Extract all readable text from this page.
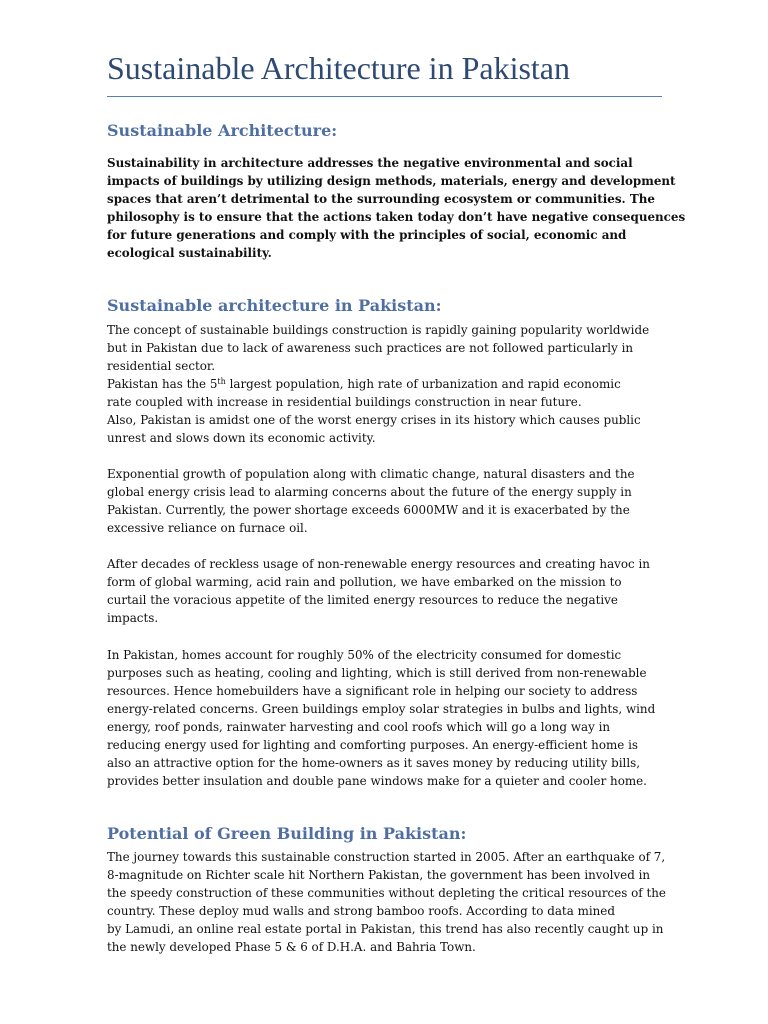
Sustainable Architecture in Pakistan
Sustainable Architecture:
Sustainability in architecture addresses the negative environmental and social
impacts of buildings by utilizing design methods, materials, energy and development
spaces that aren’t detrimental to the surrounding ecosystem or communities. The
philosophy is to ensure that the actions taken today don’t have negative consequences
for future generations and comply with the principles of social, economic and
ecological sustainability.
Sustainable architecture in Pakistan:
The concept of sustainable buildings construction is rapidly gaining popularity worldwide
but in Pakistan due to lack of awareness such practices are not followed particularly in
residential sector.
Pakistan has the 5th largest population, high rate of urbanization and rapid economic
rate coupled with increase in residential buildings construction in near future.
Also, Pakistan is amidst one of the worst energy crises in its history which causes public
unrest and slows down its economic activity.
Exponential growth of population along with climatic change, natural disasters and the
global energy crisis lead to alarming concerns about the future of the energy supply in
Pakistan. Currently, the power shortage exceeds 6000MW and it is exacerbated by the
excessive reliance on furnace oil.
After decades of reckless usage of non-renewable energy resources and creating havoc in
form of global warming, acid rain and pollution, we have embarked on the mission to
curtail the voracious appetite of the limited energy resources to reduce the negative
impacts.
In Pakistan, homes account for roughly 50% of the electricity consumed for domestic
purposes such as heating, cooling and lighting, which is still derived from non-renewable
resources. Hence homebuilders have a significant role in helping our society to address
energy-related concerns. Green buildings employ solar strategies in bulbs and lights, wind
energy, roof ponds, rainwater harvesting and cool roofs which will go a long way in
reducing energy used for lighting and comforting purposes. An energy-efficient home is
also an attractive option for the home-owners as it saves money by reducing utility bills,
provides better insulation and double pane windows make for a quieter and cooler home.
Potential of Green Building in Pakistan:
The journey towards this sustainable construction started in 2005. After an earthquake of 7,
8-magnitude on Richter scale hit Northern Pakistan, the government has been involved in
the speedy construction of these communities without depleting the critical resources of the
country. These deploy mud walls and strong bamboo roofs. According to data mined
by Lamudi, an online real estate portal in Pakistan, this trend has also recently caught up in
the newly developed Phase 5 & 6 of D.H.A. and Bahria Town.
